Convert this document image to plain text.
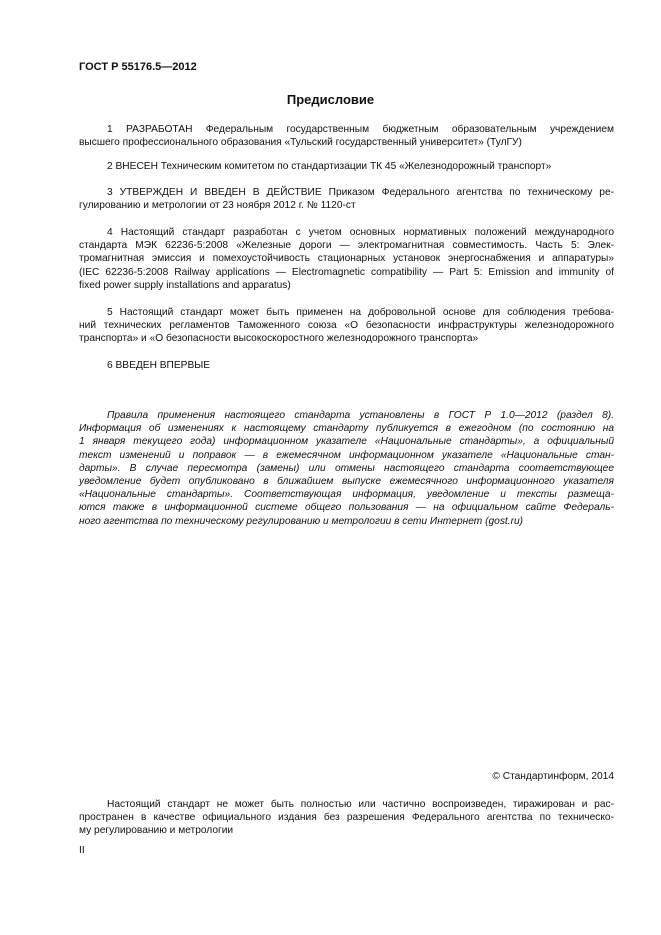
ГОСТ Р 55176.5—2012
Предисловие
1 РАЗРАБОТАН Федеральным государственным бюджетным образовательным учреждением
высшего профессионального образования «Тульский государственный университет» (ТулГУ)
2 ВНЕСЕН Техническим комитетом по стандартизации ТК 45 «Железнодорожный транспорт»
3 УТВЕРЖДЕН И ВВЕДЕН В ДЕЙСТВИЕ Приказом Федерального агентства по техническому ре-
гулированию и метрологии от 23 ноября 2012 г. № 1120-ст
4 Настоящий стандарт разработан с учетом основных нормативных положений международного
стандарта МЭК 62236-5:2008 «Железные дороги — электромагнитная совместимость. Часть 5: Элек-
тромагнитная эмиссия и помехоустойчивость стационарных установок энергоснабжения и аппаратуры»
(IEC 62236-5:2008 Railway applications — Electromagnetic compatibility — Part 5: Emission and immunity of
fixed power supply installations and apparatus)
5 Настоящий стандарт может быть применен на добровольной основе для соблюдения требова-
ний технических регламентов Таможенного союза «О безопасности инфраструктуры железнодорожного
транспорта» и «О безопасности высокоскоростного железнодорожного транспорта»
6 ВВЕДЕН ВПЕРВЫЕ
Правила применения настоящего стандарта установлены в ГОСТ Р 1.0—2012 (раздел 8).
Информация об изменениях к настоящему стандарту публикуется в ежегодном (по состоянию на
1 января текущего года) информационном указателе «Национальные стандарты», а официальный
текст изменений и поправок — в ежемесячном информационном указателе «Национальные стан-
дарты». В случае пересмотра (замены) или отмены настоящего стандарта соответствующее
уведомление будет опубликовано в ближайшем выпуске ежемесячного информационного указателя
«Национальные стандарты». Соответствующая информация, уведомление и тексты размеща-
ются также в информационной системе общего пользования — на официальном сайте Федераль-
ного агентства по техническому регулированию и метрологии в сети Интернет (gost.ru)
© Стандартинформ, 2014
Настоящий стандарт не может быть полностью или частично воспроизведен, тиражирован и рас-
пространен в качестве официального издания без разрешения Федерального агентства по техническо-
му регулированию и метрологии
II
